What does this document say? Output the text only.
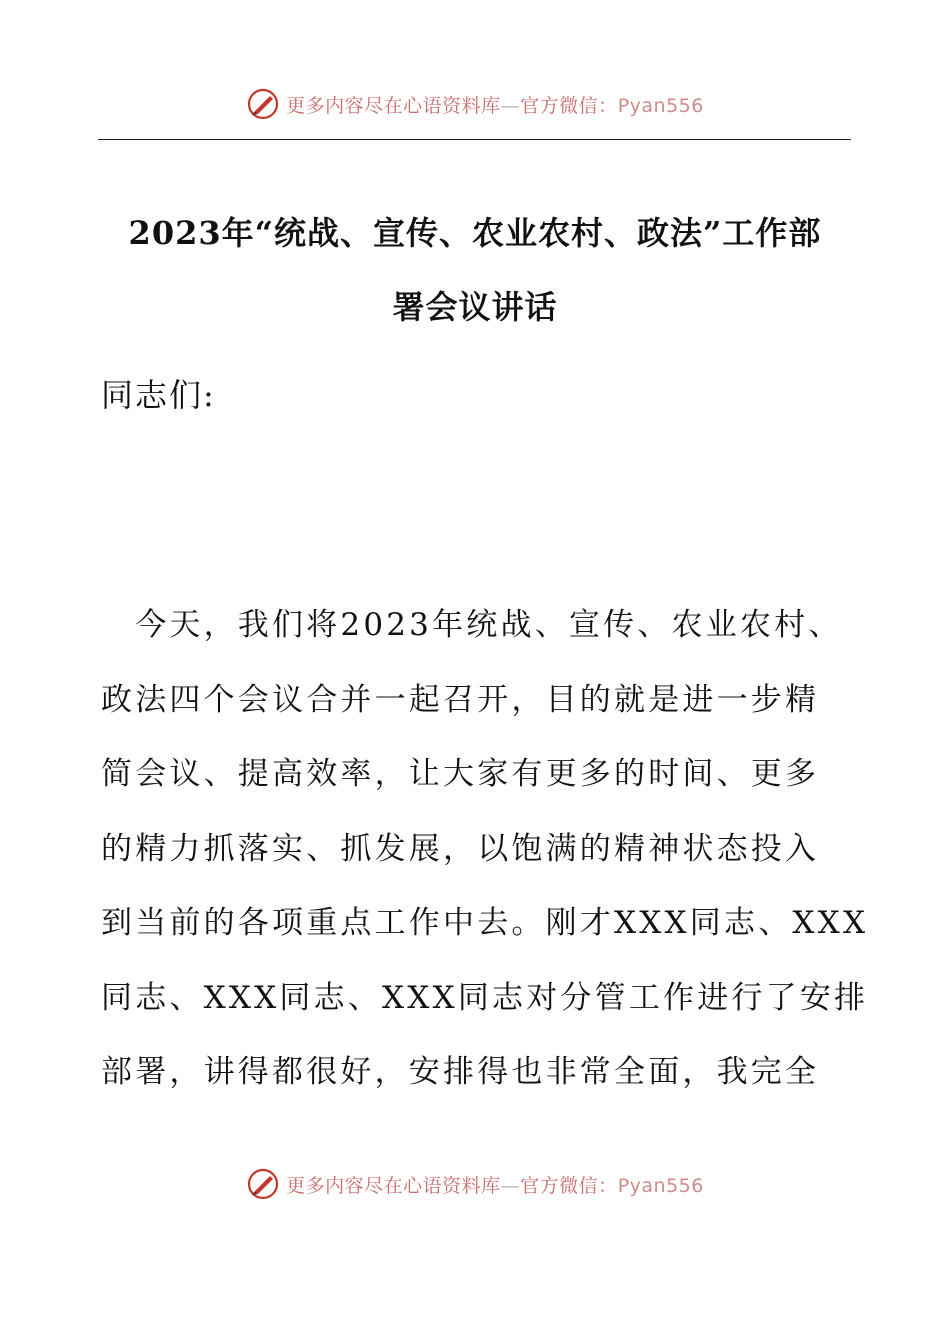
更多内容尽在心语资料库—官方微信：Pyan556
2023年“统战、宣传、农业农村、政法”工作部
署会议讲话
同志们:
　今天，我们将2023年统战、宣传、农业农村、
政法四个会议合并一起召开，目的就是进一步精
简会议、提高效率，让大家有更多的时间、更多
的精力抓落实、抓发展，以饱满的精神状态投入
到当前的各项重点工作中去。刚才XXX同志、XXX
同志、XXX同志、XXX同志对分管工作进行了安排
部署，讲得都很好，安排得也非常全面，我完全
更多内容尽在心语资料库—官方微信：Pyan556
